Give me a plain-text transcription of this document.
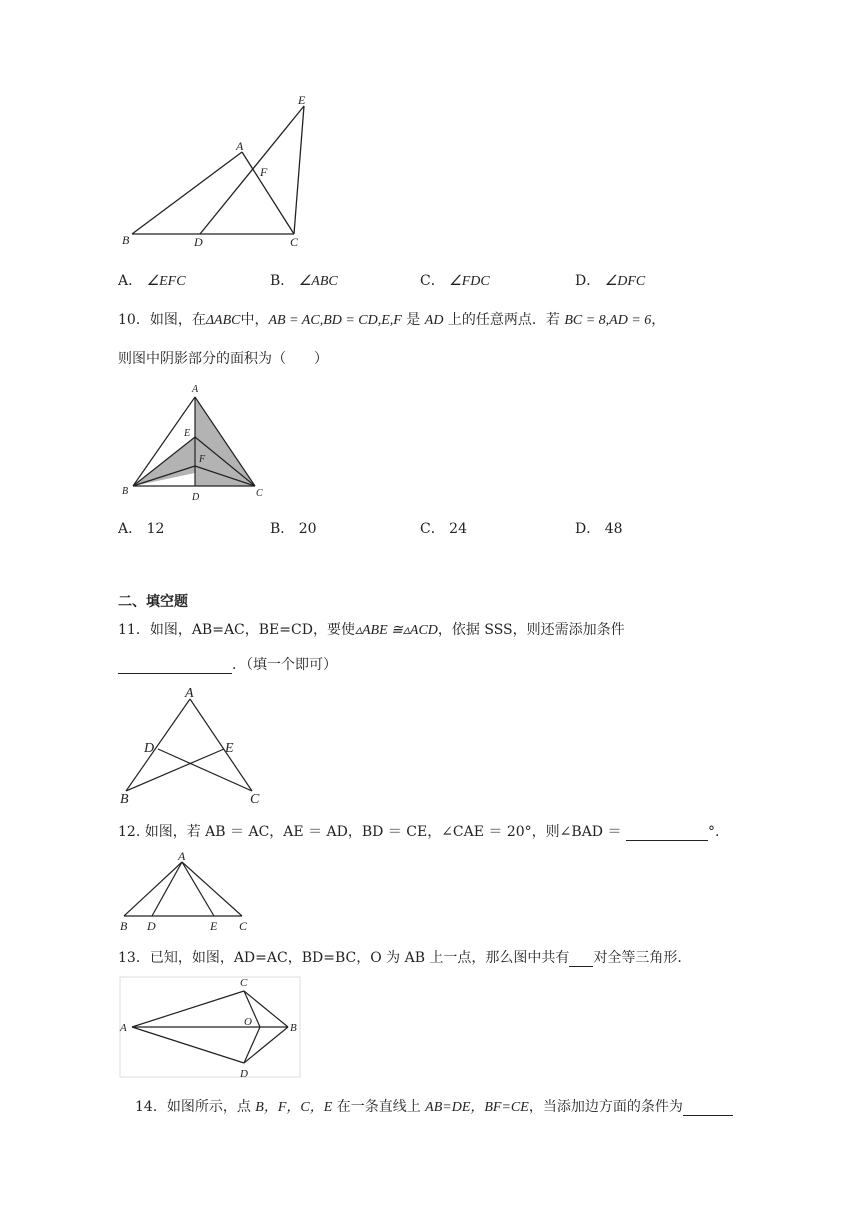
E
A
F
B	D	C
A． ∠EFC	B． ∠ABC	C． ∠FDC	D． ∠DFC
10．如图，在ΔABC中，AB = AC,BD = CD,E,F 是 AD 上的任意两点．若 BC = 8,AD = 6，
则图中阴影部分的面积为（　　）
A
E
F
B
D	C
A． 12	B． 20	C． 24	D． 48
二、填空题
11．如图，AB=AC，BE=CD，要使▵ABE ≅▵ACD，依据 SSS，则还需添加条件
．（填一个即可）
A
D	E
B	C
12. 如图，若 AB ＝ AC，AE ＝ AD，BD ＝ CE，∠CAE ＝ 20°，则∠BAD ＝	°.
A
B D	E C
13．已知，如图，AD=AC，BD=BC，O 为 AB 上一点，那么图中共有 对全等三角形.
C
A	O	B
D
14．如图所示，点 B，F，C，E 在一条直线上 AB=DE，BF=CE，当添加边方面的条件为
